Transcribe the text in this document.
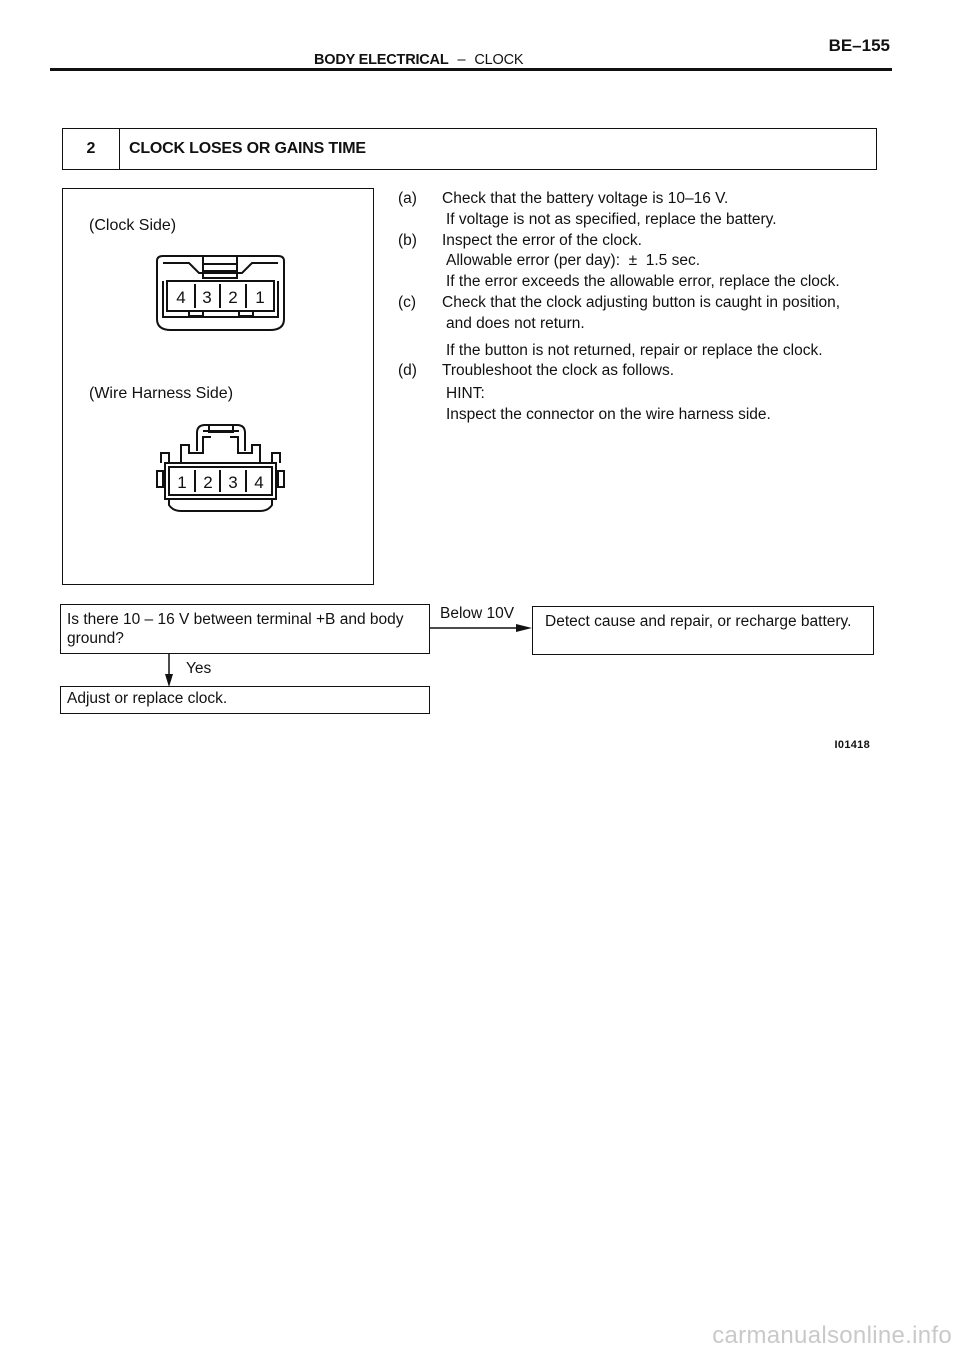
BE–155
BODY ELECTRICAL – CLOCK
2	CLOCK LOSES OR GAINS TIME
(Clock Side)
4 3 2 1
(Wire Harness Side)
1 2 3 4
(a)	Check that the battery voltage is 10–16 V.
If voltage is not as specified, replace the battery.
(b)	Inspect the error of the clock.
Allowable error (per day):  ±  1.5 sec.
If the error exceeds the allowable error, replace the clock.
(c)	Check that the clock adjusting button is caught in position,
and does not return.
If the button is not returned, repair or replace the clock.
(d)	Troubleshoot the clock as follows.
HINT:
Inspect the connector on the wire harness side.
Is there 10 – 16 V between terminal +B and body ground?
Below 10V	Detect cause and repair, or recharge battery.
Yes
Adjust or replace clock.
I01418
carmanualsonline.info
